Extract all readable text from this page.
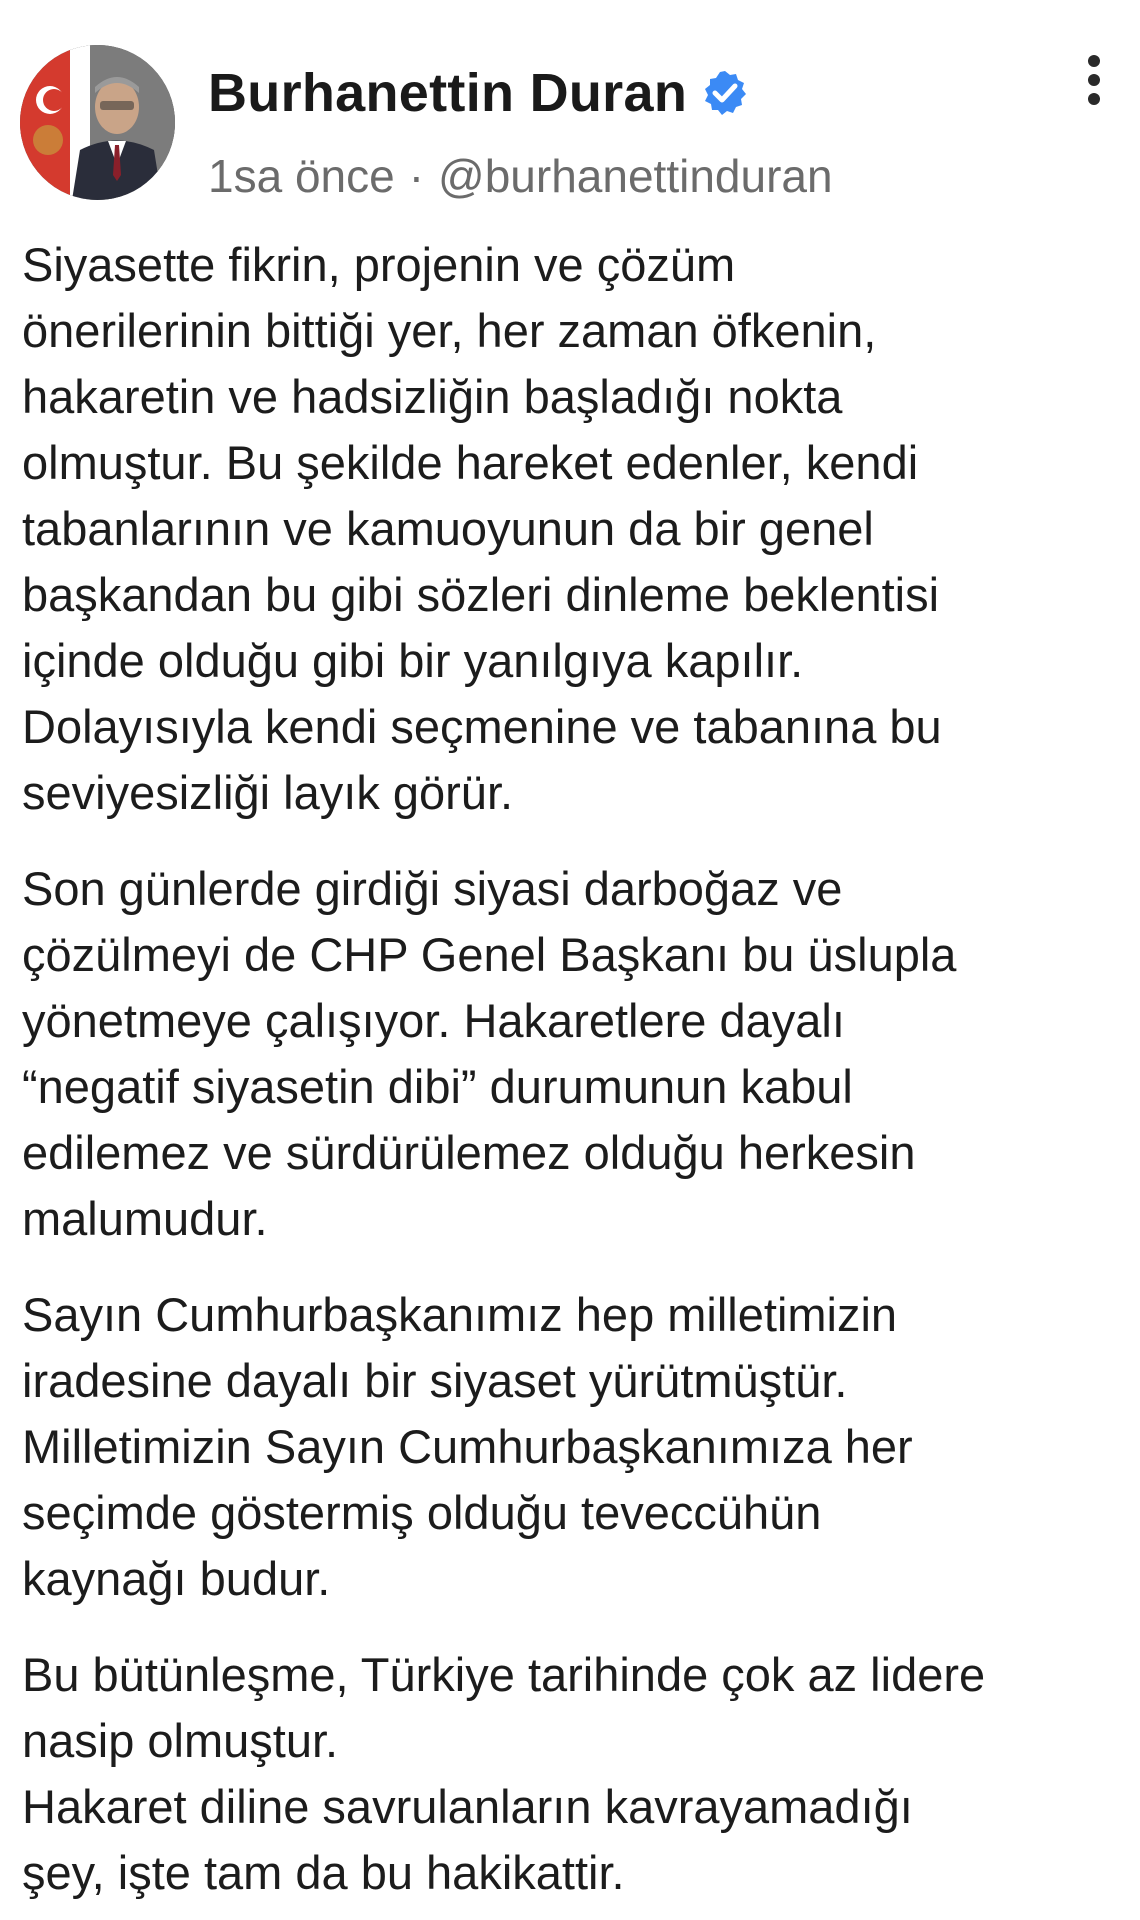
Burhanettin Duran
1sa önce · @burhanettinduran

Siyasette fikrin, projenin ve çözüm
önerilerinin bittiği yer, her zaman öfkenin,
hakaretin ve hadsizliğin başladığı nokta
olmuştur. Bu şekilde hareket edenler, kendi
tabanlarının ve kamuoyunun da bir genel
başkandan bu gibi sözleri dinleme beklentisi
içinde olduğu gibi bir yanılgıya kapılır.
Dolayısıyla kendi seçmenine ve tabanına bu
seviyesizliği layık görür.

Son günlerde girdiği siyasi darboğaz ve
çözülmeyi de CHP Genel Başkanı bu üslupla
yönetmeye çalışıyor. Hakaretlere dayalı
“negatif siyasetin dibi” durumunun kabul
edilemez ve sürdürülemez olduğu herkesin
malumudur.

Sayın Cumhurbaşkanımız hep milletimizin
iradesine dayalı bir siyaset yürütmüştür.
Milletimizin Sayın Cumhurbaşkanımıza her
seçimde göstermiş olduğu teveccühün
kaynağı budur.

Bu bütünleşme, Türkiye tarihinde çok az lidere
nasip olmuştur.
Hakaret diline savrulanların kavrayamadığı
şey, işte tam da bu hakikattir.
